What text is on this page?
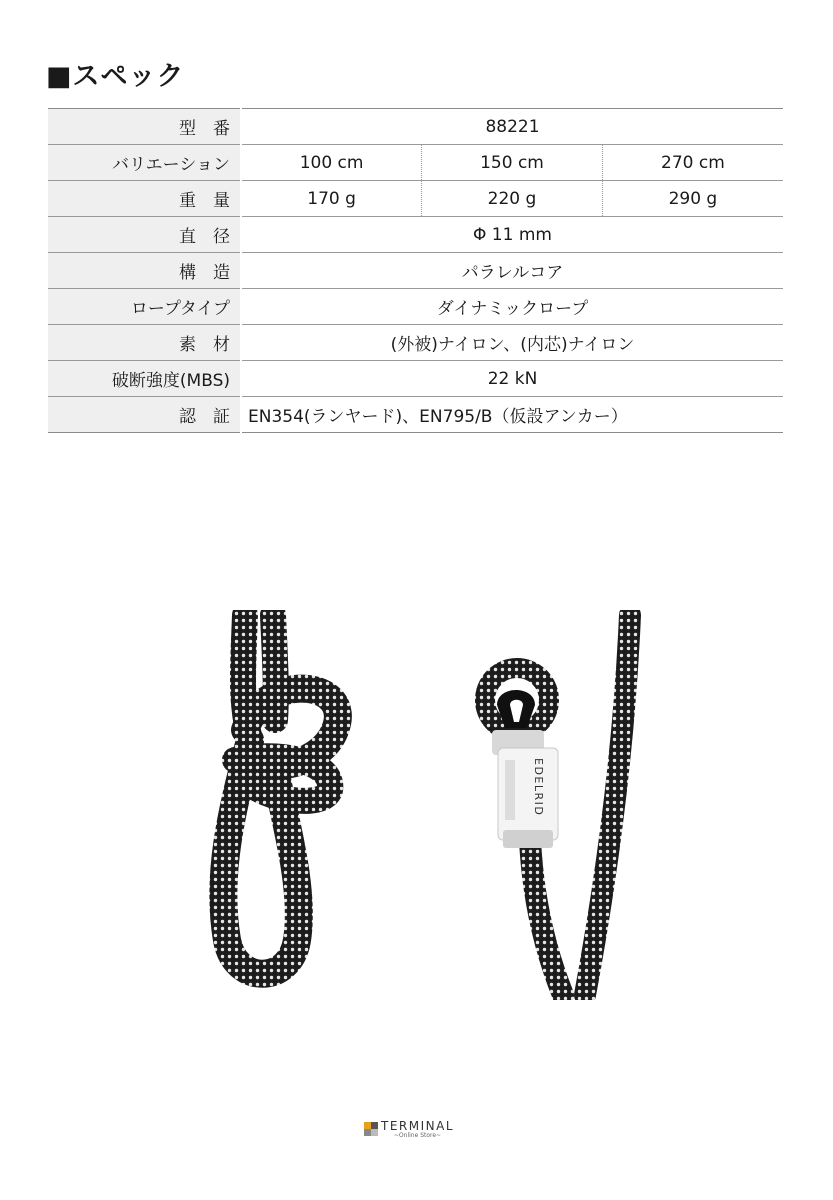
■スペック
型　番	88221		
バリエーション	100 cm	150 cm	270 cm
重　量	170 g	220 g	290 g
直　径	Φ 11 mm		
構　造	パラレルコア		
ロープタイプ	ダイナミックロープ		
素　材	(外被)ナイロン、(内芯)ナイロン		
破断強度(MBS)	22 kN		
認　証	EN354(ランヤード)、EN795/B（仮設アンカー）		
EDELRID
TERMINAL
~Online Store~
